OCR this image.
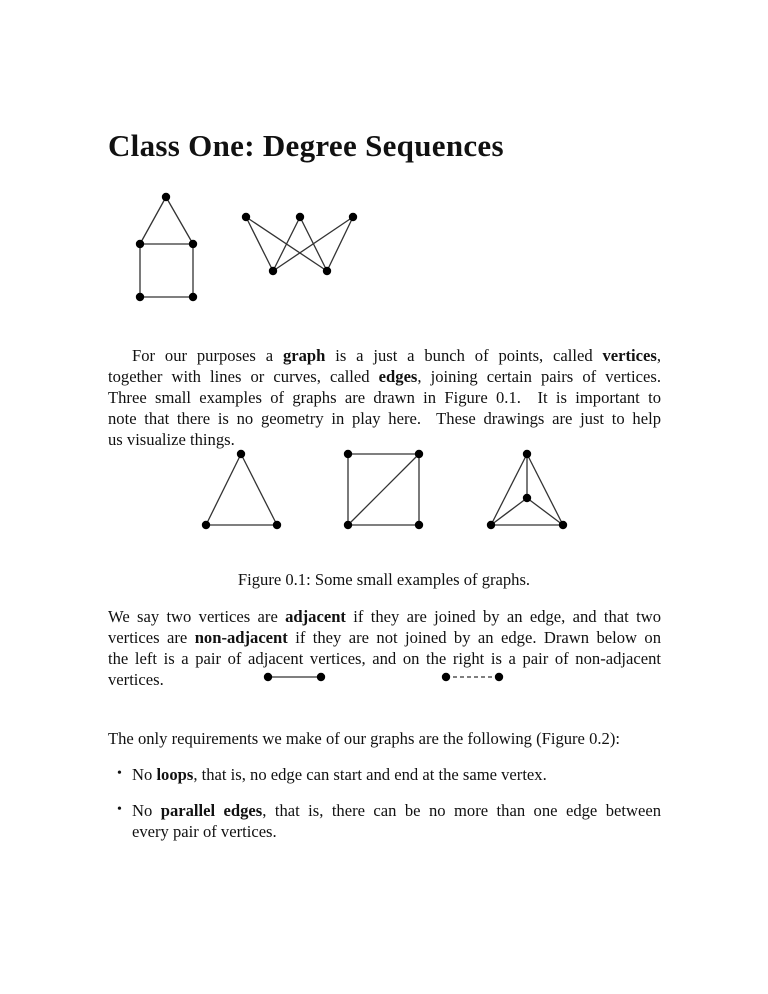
Class One: Degree Sequences
For our purposes a graph is a just a bunch of points, called vertices,
together with lines or curves, called edges, joining certain pairs of vertices.
Three small examples of graphs are drawn in Figure 0.1.  It is important to
note that there is no geometry in play here.  These drawings are just to help
us visualize things.
We say two vertices are adjacent if they are joined by an edge, and that two
vertices are non-adjacent if they are not joined by an edge. Drawn below on
the left is a pair of adjacent vertices, and on the right is a pair of non-adjacent
vertices.
The only requirements we make of our graphs are the following (Figure 0.2):
• No loops, that is, no edge can start and end at the same vertex.
• No parallel edges, that is, there can be no more than one edge between
every pair of vertices.
Figure 0.1: Some small examples of graphs.
